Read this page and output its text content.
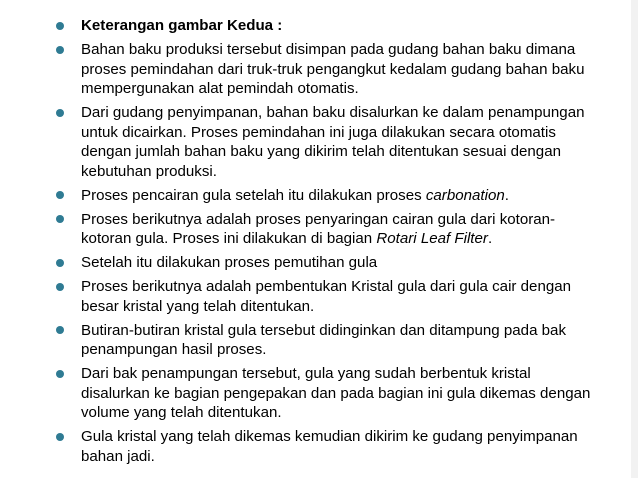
Keterangan gambar Kedua :
Bahan baku produksi tersebut disimpan pada gudang bahan baku dimana proses pemindahan dari truk-truk pengangkut kedalam gudang bahan baku mempergunakan alat pemindah otomatis.
Dari gudang penyimpanan, bahan baku disalurkan ke dalam penampungan untuk dicairkan. Proses pemindahan ini juga dilakukan secara otomatis dengan jumlah bahan baku yang dikirim telah ditentukan sesuai dengan kebutuhan produksi.
Proses pencairan gula setelah itu dilakukan proses carbonation.
Proses berikutnya adalah proses penyaringan cairan gula dari kotoran-kotoran gula. Proses ini dilakukan di bagian Rotari Leaf Filter.
Setelah itu dilakukan proses pemutihan gula
Proses berikutnya adalah pembentukan Kristal gula dari gula cair dengan besar kristal yang telah ditentukan.
Butiran-butiran kristal gula tersebut didinginkan dan ditampung pada bak penampungan hasil proses.
Dari bak penampungan tersebut, gula yang sudah berbentuk kristal disalurkan ke bagian pengepakan dan pada bagian ini gula dikemas dengan volume yang telah ditentukan.
Gula kristal yang telah dikemas kemudian dikirim ke gudang penyimpanan bahan jadi.
